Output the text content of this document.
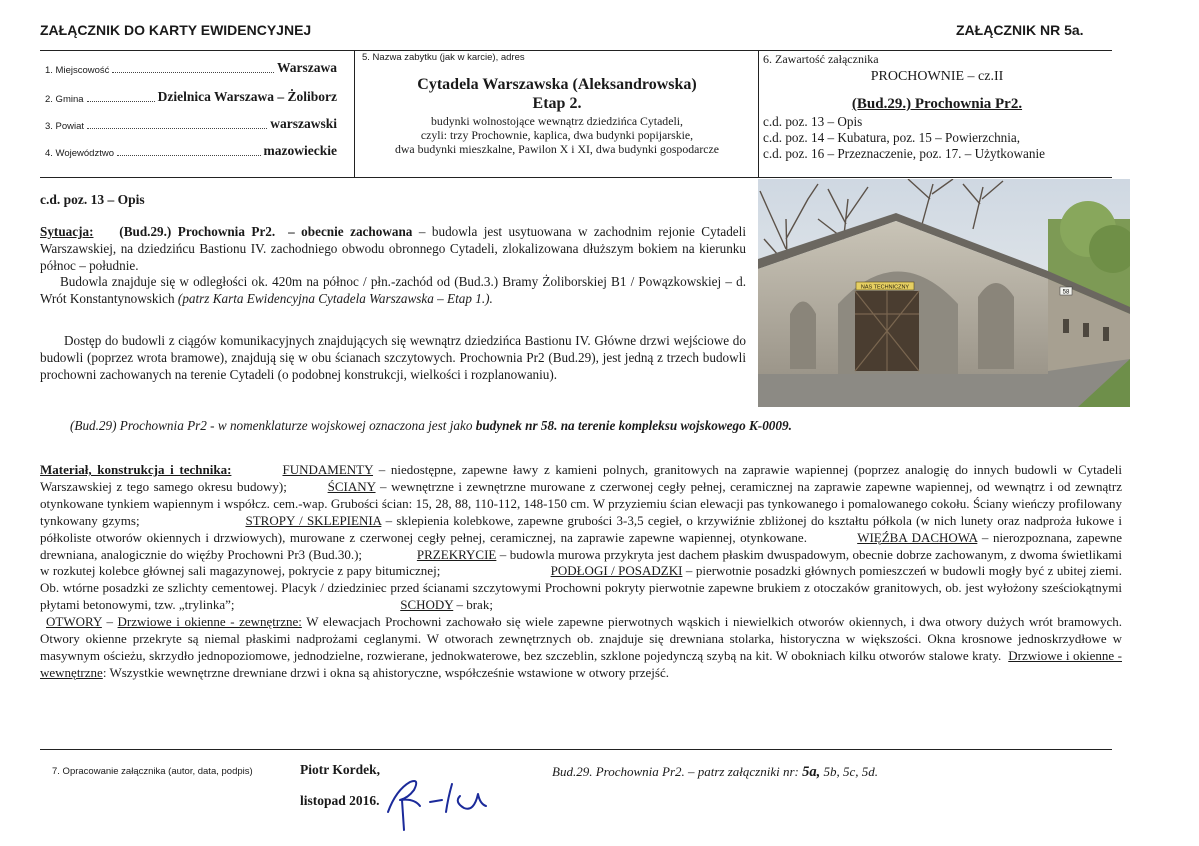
ZAŁĄCZNIK DO KARTY EWIDENCYJNEJ	ZAŁĄCZNIK NR 5a.
1. Miejscowość	Warszawa
2. Gmina	Dzielnica Warszawa – Żoliborz
3. Powiat	warszawski
4. Województwo	mazowieckie
5. Nazwa zabytku (jak w karcie), adres
Cytadela Warszawska (Aleksandrowska)
Etap 2.
budynki wolnostojące wewnątrz dziedzińca Cytadeli,
czyli: trzy Prochownie, kaplica, dwa budynki popijarskie,
dwa budynki mieszkalne, Pawilon X i XI, dwa budynki gospodarcze
6. Zawartość załącznika
PROCHOWNIE – cz.II
(Bud.29.) Prochownia Pr2.
c.d. poz. 13 – Opis
c.d. poz. 14 – Kubatura, poz. 15 – Powierzchnia,
c.d. poz. 16 – Przeznaczenie, poz. 17. – Użytkowanie
NAS TECHNICZNY
58
c.d. poz. 13 – Opis
Sytuacja: (Bud.29.) Prochownia Pr2. – obecnie zachowana – budowla jest usytuowana w zachodnim rejonie Cytadeli Warszawskiej, na dziedzińcu Bastionu IV. zachodniego obwodu obronnego Cytadeli, zlokalizowana dłuższym bokiem na kierunku północ – południe.
Budowla znajduje się w odległości ok. 420m na północ / płn.-zachód od (Bud.3.) Bramy Żoliborskiej B1 / Powązkowskiej – d. Wrót Konstantynowskich (patrz Karta Ewidencyjna Cytadela Warszawska – Etap 1.).
Dostęp do budowli z ciągów komunikacyjnych znajdujących się wewnątrz dziedzińca Bastionu IV. Główne drzwi wejściowe do budowli (poprzez wrota bramowe), znajdują się w obu ścianach szczytowych. Prochownia Pr2 (Bud.29), jest jedną z trzech budowli prochowni zachowanych na terenie Cytadeli (o podobnej konstrukcji, wielkości i rozplanowaniu).
(Bud.29) Prochownia Pr2 - w nomenklaturze wojskowej oznaczona jest jako budynek nr 58. na terenie kompleksu wojskowego K-0009.
Materiał, konstrukcja i technika:	FUNDAMENTY – niedostępne, zapewne ławy z kamieni polnych, granitowych na zaprawie wapiennej (poprzez analogię do innych budowli w Cytadeli Warszawskiej z tego samego okresu budowy);	ŚCIANY – wewnętrzne i zewnętrzne murowane z czerwonej cegły pełnej, ceramicznej na zaprawie zapewne wapiennej, od wewnątrz i od zewnątrz otynkowane tynkiem wapiennym i współcz. cem.-wap. Grubości ścian: 15, 28, 88, 110-112, 148-150 cm. W przyziemiu ścian elewacji pas tynkowanego i pomalowanego cokołu. Ściany wieńczy profilowany tynkowany gzyms;	STROPY / SKLEPIENIA – sklepienia kolebkowe, zapewne grubości 3-3,5 cegieł, o krzywiźnie zbliżonej do kształtu półkola (w nich lunety oraz nadproża łukowe i półkoliste otworów okiennych i drzwiowych), murowane z czerwonej cegły pełnej, ceramicznej, na zaprawie zapewne wapiennej, otynkowane.	WIĘŹBA DACHOWA – nierozpoznana, zapewne drewniana, analogicznie do więźby Prochowni Pr3 (Bud.30.);	PRZEKRYCIE – budowla murowa przykryta jest dachem płaskim dwuspadowym, obecnie dobrze zachowanym, z dwoma świetlikami w rozkutej kolebce głównej sali magazynowej, pokrycie z papy bitumicznej;	PODŁOGI / POSADZKI – pierwotnie posadzki głównych pomieszczeń w budowli mogły być z ubitej ziemi. Ob. wtórne posadzki ze szlichty cementowej. Placyk / dziedziniec przed ścianami szczytowymi Prochowni pokryty pierwotnie zapewne brukiem z otoczaków granitowych, ob. jest wyłożony sześciokątnymi płytami betonowymi, tzw. „trylinka”;	SCHODY – brak;
OTWORY – Drzwiowe i okienne - zewnętrzne: W elewacjach Prochowni zachowało się wiele zapewne pierwotnych wąskich i niewielkich otworów okiennych, i dwa otwory dużych wrót bramowych. Otwory okienne przekryte są niemal płaskimi nadprożami ceglanymi. W otworach zewnętrznych ob. znajduje się drewniana stolarka, historyczna w większości. Okna krosnowe jednoskrzydłowe w masywnym ościeżu, skrzydło jednopoziomowe, jednodzielne, rozwierane, jednokwaterowe, bez szczeblin, szklone pojedynczą szybą na kit. W obokniach kilku otworów stalowe kraty. Drzwiowe i okienne - wewnętrzne: Wszystkie wewnętrzne drewniane drzwi i okna są ahistoryczne, współcześnie wstawione w otwory przejść.
7. Opracowanie załącznika (autor, data, podpis)	Piotr Kordek,
listopad 2016.
Bud.29. Prochownia Pr2. – patrz załączniki nr: 5a, 5b, 5c, 5d.
